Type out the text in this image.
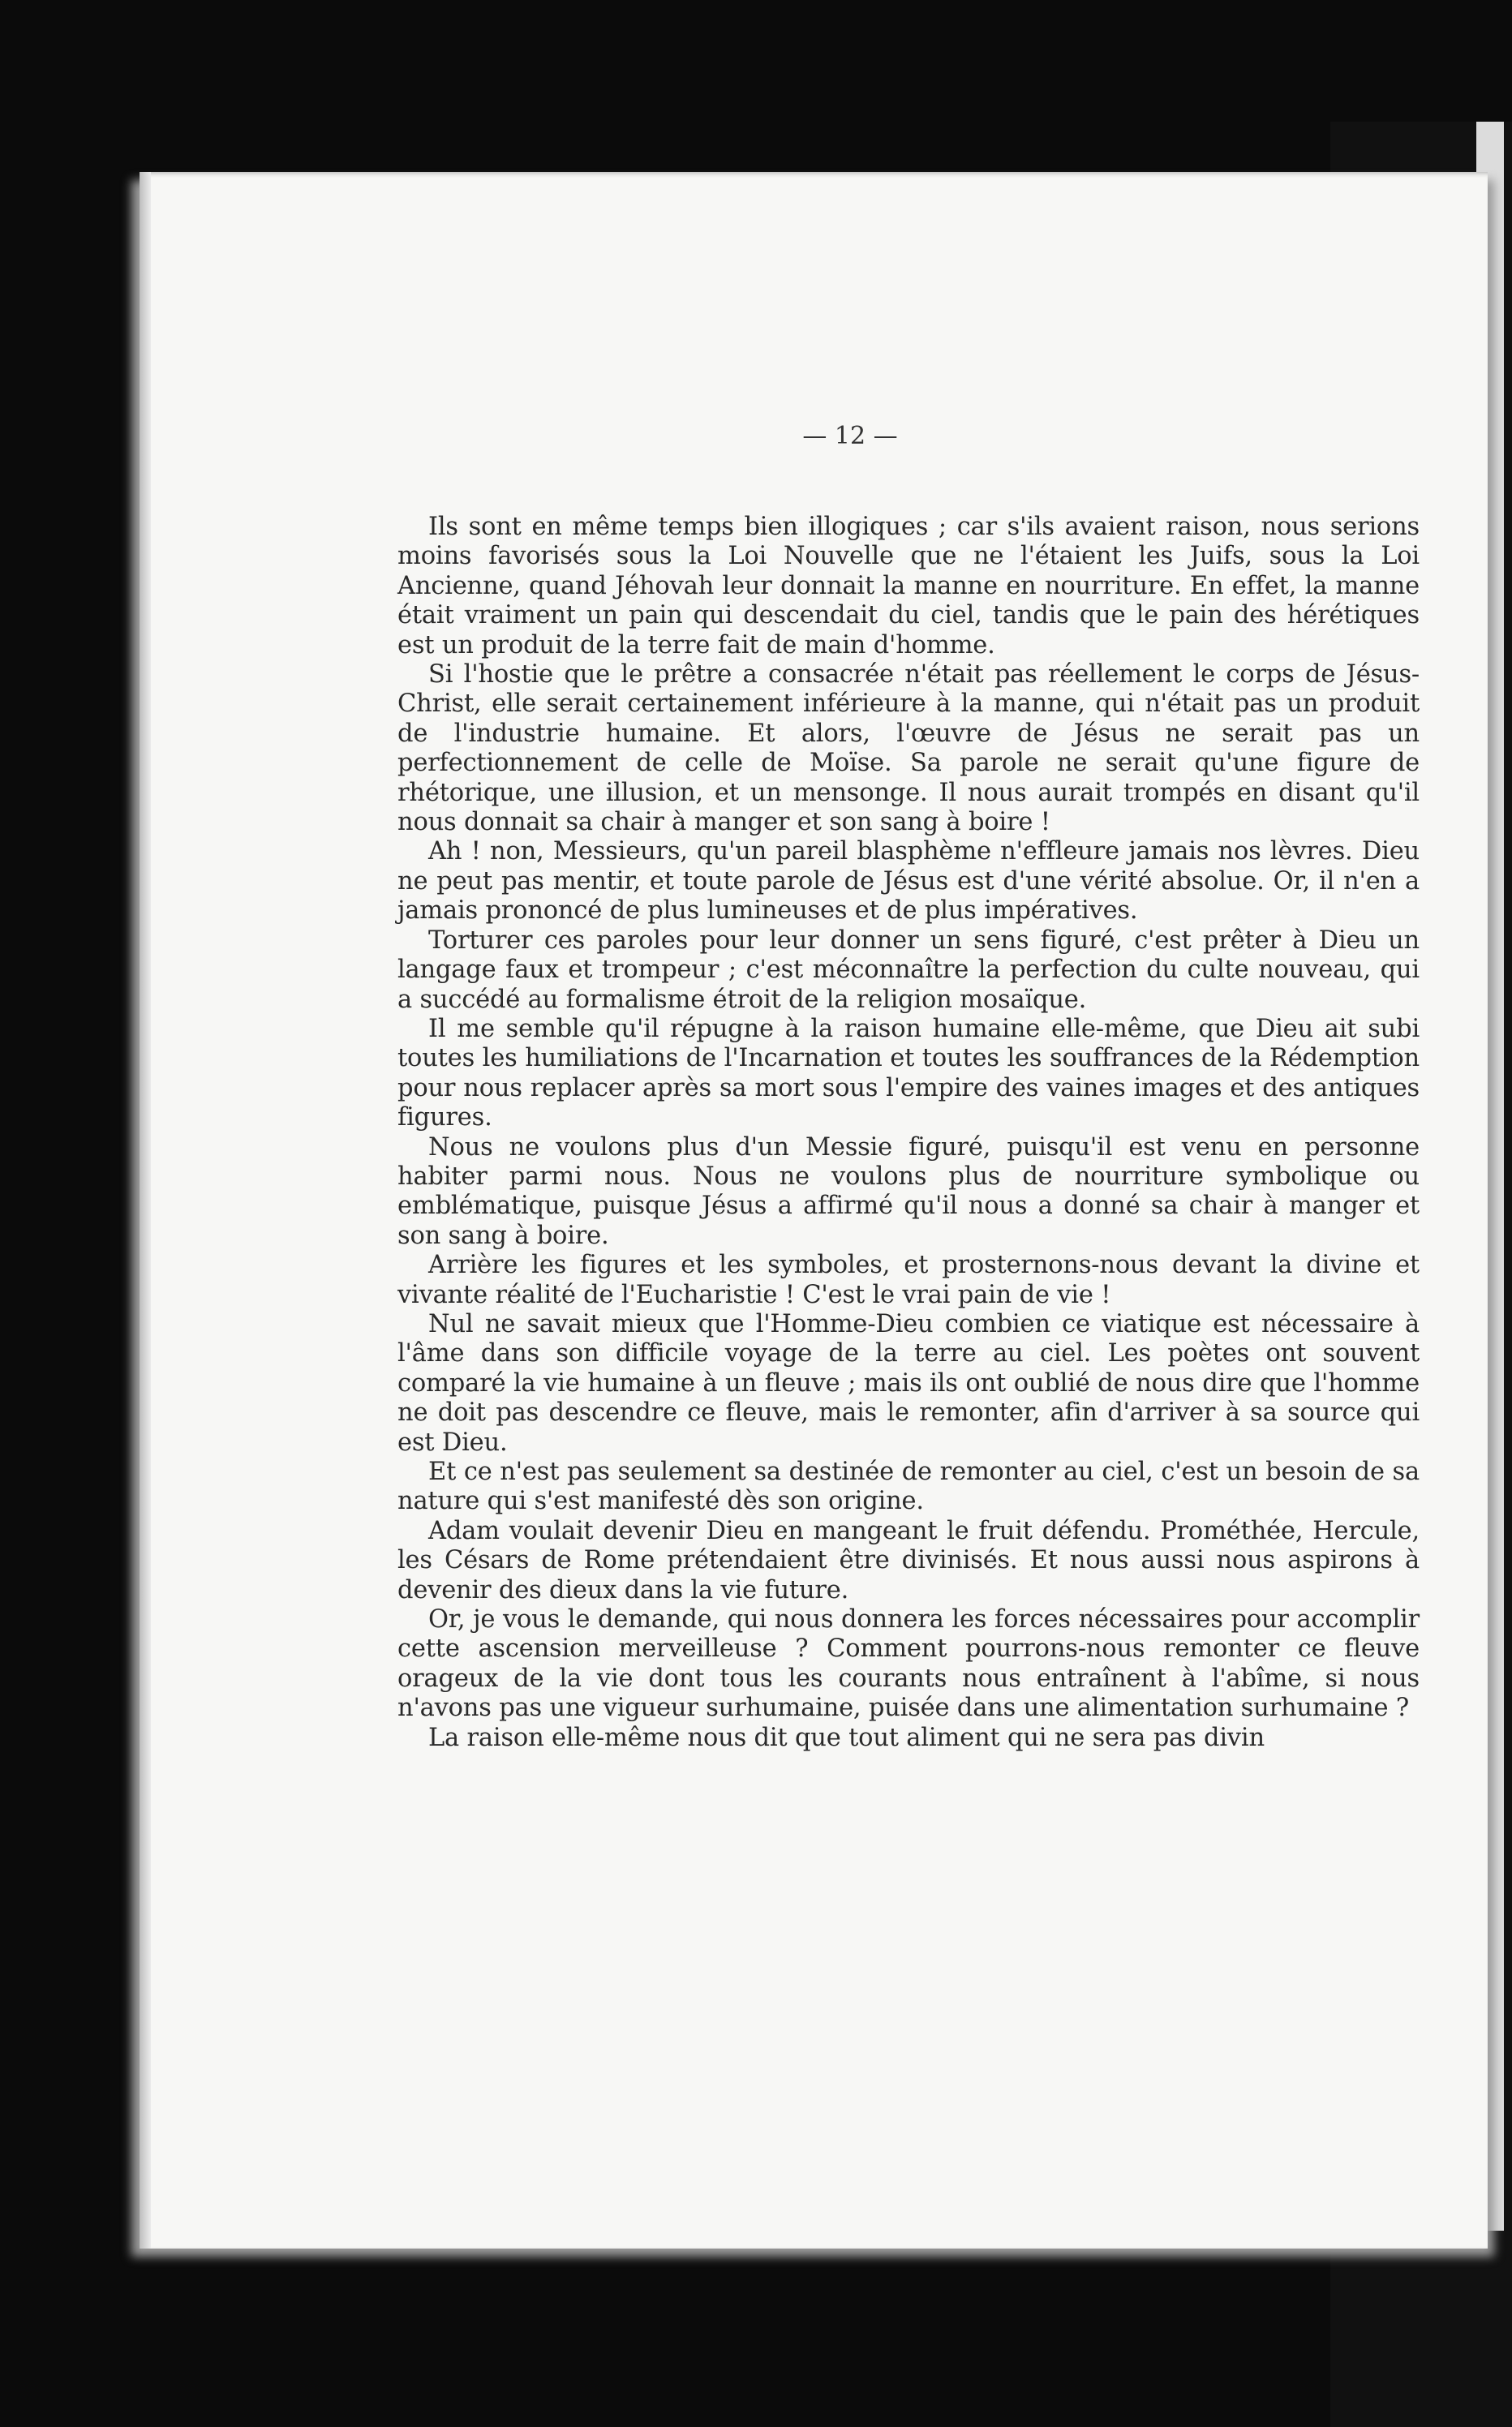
— 12 —

Ils sont en même temps bien illogiques ; car s'ils avaient raison, nous serions moins favorisés sous la Loi Nouvelle que ne l'étaient les Juifs, sous la Loi Ancienne, quand Jéhovah leur donnait la manne en nourriture. En effet, la manne était vraiment un pain qui descendait du ciel, tandis que le pain des hérétiques est un produit de la terre fait de main d'homme.

Si l'hostie que le prêtre a consacrée n'était pas réellement le corps de Jésus-Christ, elle serait certainement inférieure à la manne, qui n'était pas un produit de l'industrie humaine. Et alors, l'œuvre de Jésus ne serait pas un perfectionnement de celle de Moïse. Sa parole ne serait qu'une figure de rhétorique, une illusion, et un mensonge. Il nous aurait trompés en disant qu'il nous donnait sa chair à manger et son sang à boire !

Ah ! non, Messieurs, qu'un pareil blasphème n'effleure jamais nos lèvres. Dieu ne peut pas mentir, et toute parole de Jésus est d'une vérité absolue. Or, il n'en a jamais prononcé de plus lumineuses et de plus impératives.

Torturer ces paroles pour leur donner un sens figuré, c'est prêter à Dieu un langage faux et trompeur ; c'est méconnaître la perfection du culte nouveau, qui a succédé au formalisme étroit de la religion mosaïque.

Il me semble qu'il répugne à la raison humaine elle-même, que Dieu ait subi toutes les humiliations de l'Incarnation et toutes les souffrances de la Rédemption pour nous replacer après sa mort sous l'empire des vaines images et des antiques figures.

Nous ne voulons plus d'un Messie figuré, puisqu'il est venu en personne habiter parmi nous. Nous ne voulons plus de nourriture symbolique ou emblématique, puisque Jésus a affirmé qu'il nous a donné sa chair à manger et son sang à boire.

Arrière les figures et les symboles, et prosternons-nous devant la divine et vivante réalité de l'Eucharistie ! C'est le vrai pain de vie !

Nul ne savait mieux que l'Homme-Dieu combien ce viatique est nécessaire à l'âme dans son difficile voyage de la terre au ciel. Les poètes ont souvent comparé la vie humaine à un fleuve ; mais ils ont oublié de nous dire que l'homme ne doit pas descendre ce fleuve, mais le remonter, afin d'arriver à sa source qui est Dieu.

Et ce n'est pas seulement sa destinée de remonter au ciel, c'est un besoin de sa nature qui s'est manifesté dès son origine.

Adam voulait devenir Dieu en mangeant le fruit défendu. Prométhée, Hercule, les Césars de Rome prétendaient être divinisés. Et nous aussi nous aspirons à devenir des dieux dans la vie future.

Or, je vous le demande, qui nous donnera les forces nécessaires pour accomplir cette ascension merveilleuse ? Comment pourrons-nous remonter ce fleuve orageux de la vie dont tous les courants nous entraînent à l'abîme, si nous n'avons pas une vigueur surhumaine, puisée dans une alimentation surhumaine ?

La raison elle-même nous dit que tout aliment qui ne sera pas divin
